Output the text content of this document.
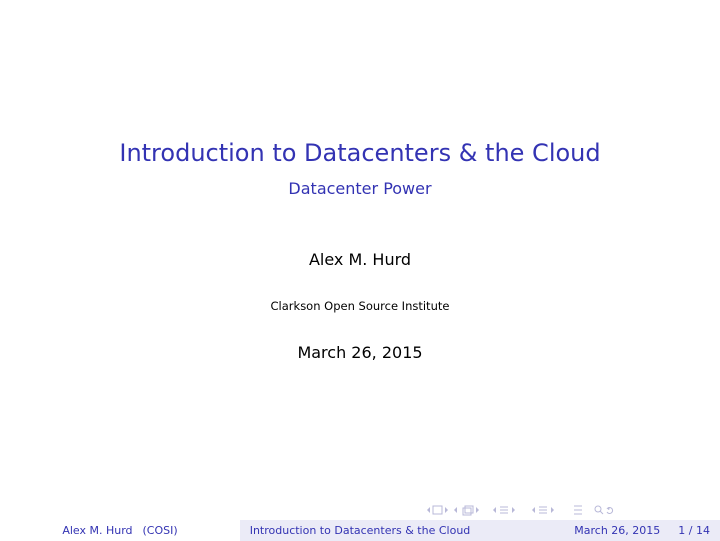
Introduction to Datacenters & the Cloud
Datacenter Power
Alex M. Hurd
Clarkson Open Source Institute
March 26, 2015
Alex M. Hurd (COSI)	Introduction to Datacenters & the Cloud	March 26, 2015 1 / 14
